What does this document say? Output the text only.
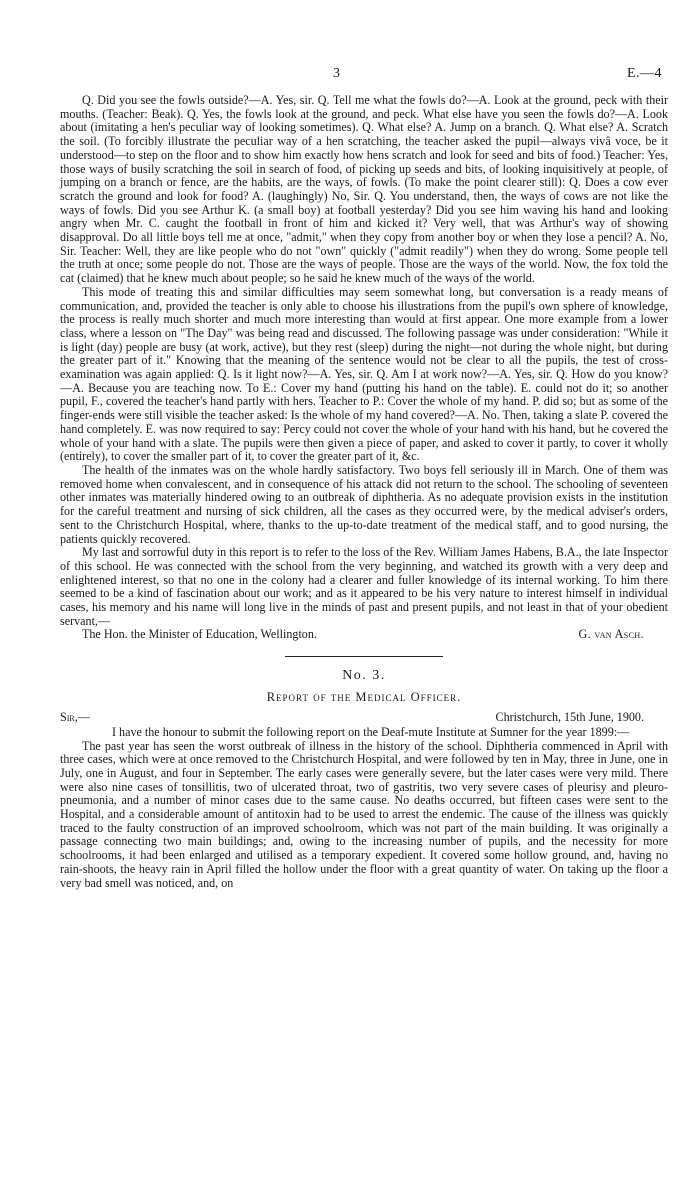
3	E.—4

Q. Did you see the fowls outside?—A. Yes, sir. Q. Tell me what the fowls do?—A. Look at the ground, peck with their mouths. (Teacher: Beak). Q. Yes, the fowls look at the ground, and peck. What else have you seen the fowls do?—A. Look about (imitating a hen's peculiar way of looking sometimes). Q. What else? A. Jump on a branch. Q. What else? A. Scratch the soil. (To forcibly illustrate the peculiar way of a hen scratching, the teacher asked the pupil—always vivâ voce, be it understood—to step on the floor and to show him exactly how hens scratch and look for seed and bits of food.) Teacher: Yes, those ways of busily scratching the soil in search of food, of picking up seeds and bits, of looking inquisitively at people, of jumping on a branch or fence, are the habits, are the ways, of fowls. (To make the point clearer still): Q. Does a cow ever scratch the ground and look for food? A. (laughingly) No, Sir. Q. You understand, then, the ways of cows are not like the ways of fowls. Did you see Arthur K. (a small boy) at football yesterday? Did you see him waving his hand and looking angry when Mr. C. caught the football in front of him and kicked it? Very well, that was Arthur's way of showing disapproval. Do all little boys tell me at once, "admit," when they copy from another boy or when they lose a pencil? A. No, Sir. Teacher: Well, they are like people who do not "own" quickly ("admit readily") when they do wrong. Some people tell the truth at once; some people do not. Those are the ways of people. Those are the ways of the world. Now, the fox told the cat (claimed) that he knew much about people; so he said he knew much of the ways of the world.

This mode of treating this and similar difficulties may seem somewhat long, but conversation is a ready means of communication, and, provided the teacher is only able to choose his illustrations from the pupil's own sphere of knowledge, the process is really much shorter and much more interesting than would at first appear. One more example from a lower class, where a lesson on "The Day" was being read and discussed. The following passage was under consideration: "While it is light (day) people are busy (at work, active), but they rest (sleep) during the night—not during the whole night, but during the greater part of it." Knowing that the meaning of the sentence would not be clear to all the pupils, the test of cross-examination was again applied: Q. Is it light now?—A. Yes, sir. Q. Am I at work now?—A. Yes, sir. Q. How do you know?—A. Because you are teaching now. To E.: Cover my hand (putting his hand on the table). E. could not do it; so another pupil, F., covered the teacher's hand partly with hers. Teacher to P.: Cover the whole of my hand. P. did so; but as some of the finger-ends were still visible the teacher asked: Is the whole of my hand covered?—A. No. Then, taking a slate P. covered the hand completely. E. was now required to say: Percy could not cover the whole of your hand with his hand, but he covered the whole of your hand with a slate. The pupils were then given a piece of paper, and asked to cover it partly, to cover it wholly (entirely), to cover the smaller part of it, to cover the greater part of it, &c.

The health of the inmates was on the whole hardly satisfactory. Two boys fell seriously ill in March. One of them was removed home when convalescent, and in consequence of his attack did not return to the school. The schooling of seventeen other inmates was materially hindered owing to an outbreak of diphtheria. As no adequate provision exists in the institution for the careful treatment and nursing of sick children, all the cases as they occurred were, by the medical adviser's orders, sent to the Christchurch Hospital, where, thanks to the up-to-date treatment of the medical staff, and to good nursing, the patients quickly recovered.

My last and sorrowful duty in this report is to refer to the loss of the Rev. William James Habens, B.A., the late Inspector of this school. He was connected with the school from the very beginning, and watched its growth with a very deep and enlightened interest, so that no one in the colony had a clearer and fuller knowledge of its internal working. To him there seemed to be a kind of fascination about our work; and as it appeared to be his very nature to interest himself in individual cases, his memory and his name will long live in the minds of past and present pupils, and not least in that of your obedient servant,—

The Hon. the Minister of Education, Wellington.	G. van Asch.
No. 3.
Report of the Medical Officer.
Sir,—	Christchurch, 15th June, 1900.

I have the honour to submit the following report on the Deaf-mute Institute at Sumner for the year 1899:—

The past year has seen the worst outbreak of illness in the history of the school. Diphtheria commenced in April with three cases, which were at once removed to the Christchurch Hospital, and were followed by ten in May, three in June, one in July, one in August, and four in September. The early cases were generally severe, but the later cases were very mild. There were also nine cases of tonsillitis, two of ulcerated throat, two of gastritis, two very severe cases of pleurisy and pleuro-pneumonia, and a number of minor cases due to the same cause. No deaths occurred, but fifteen cases were sent to the Hospital, and a considerable amount of antitoxin had to be used to arrest the endemic. The cause of the illness was quickly traced to the faulty construction of an improved schoolroom, which was not part of the main building. It was originally a passage connecting two main buildings; and, owing to the increasing number of pupils, and the necessity for more schoolrooms, it had been enlarged and utilised as a temporary expedient. It covered some hollow ground, and, having no rain-shoots, the heavy rain in April filled the hollow under the floor with a great quantity of water. On taking up the floor a very bad smell was noticed, and, on
